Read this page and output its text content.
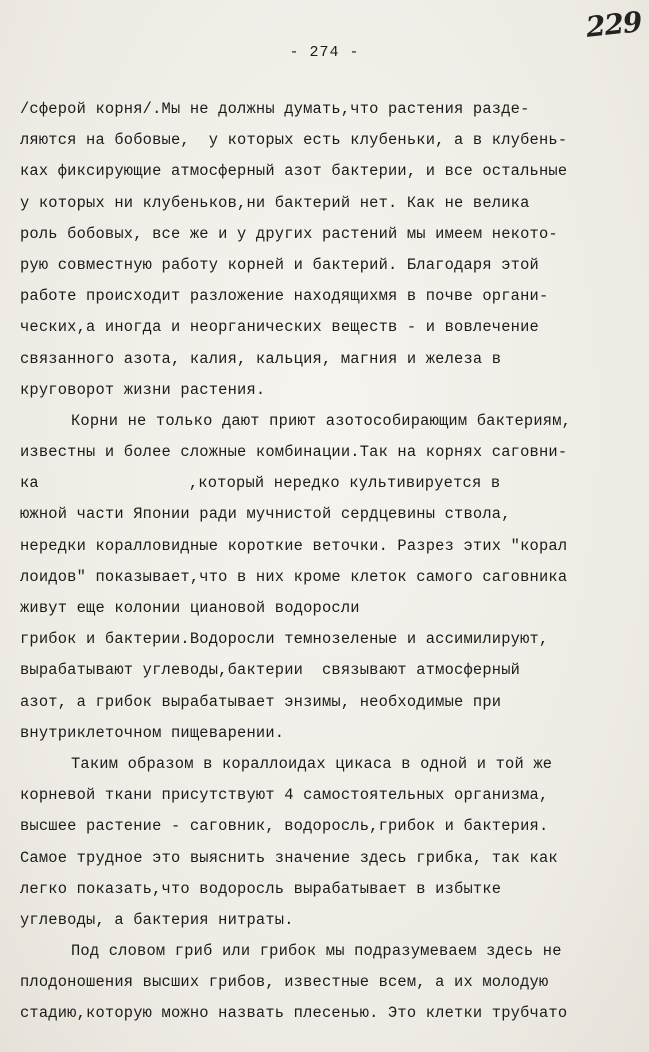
229
- 274 -
/сферой корня/.Мы не должны думать,что растения разде-
ляются на бобовые,  у которых есть клубеньки, а в клубень-
ках фиксирующие атмосферный азот бактерии, и все остальные
у которых ни клубеньков,ни бактерий нет. Как не велика
роль бобовых, все же и у других растений мы имеем некото-
рую совместную работу корней и бактерий. Благодаря этой
работе происходит разложение находящихмя в почве органи-
ческих,а иногда и неорганических веществ - и вовлечение
связанного азота, калия, кальция, магния и железа в
круговорот жизни растения.
Корни не только дают приют азотособирающим бактериям,
известны и более сложные комбинации.Так на корнях саговни-
ка	,который нередко культивируется в
южной части Японии ради мучнистой сердцевины ствола,
нередки коралловидные короткие веточки. Разрез этих "корал
лоидов" показывает,что в них кроме клеток самого саговника
живут еще колонии циановой водоросли
грибок и бактерии.Водоросли темнозеленые и ассимилируют,
вырабатывают углеводы,бактерии  связывают атмосферный
азот, а грибок вырабатывает энзимы, необходимые при
внутриклеточном пищеварении.
Таким образом в кораллоидах цикаса в одной и той же
корневой ткани присутствуют 4 самостоятельных организма,
высшее растение - саговник, водоросль,грибок и бактерия.
Самое трудное это выяснить значение здесь грибка, так как
легко показать,что водоросль вырабатывает в избытке
углеводы, а бактерия нитраты.
Под словом гриб или грибок мы подразумеваем здесь не
плодоношения высших грибов, известные всем, а их молодую
стадию,которую можно назвать плесенью. Это клетки трубчато
